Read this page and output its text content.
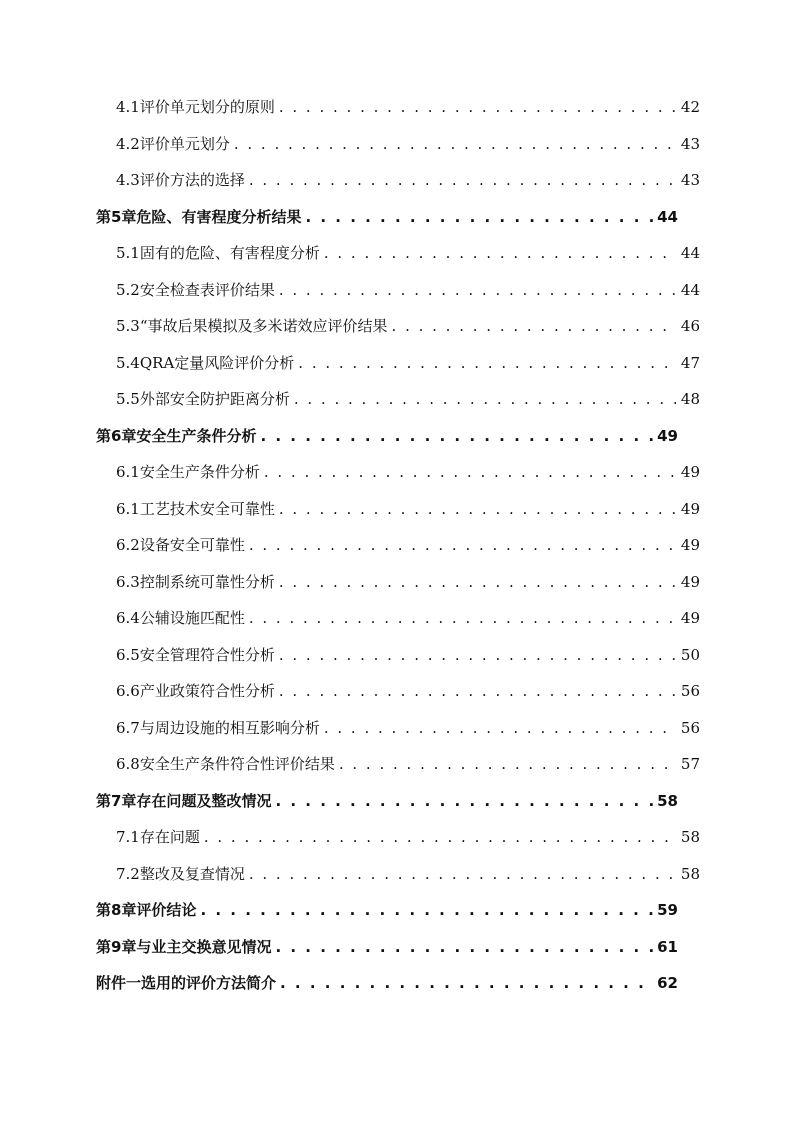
4.1评价单元划分的原则 . . .	42
4.2评价单元划分 . . .	43
4.3评价方法的选择 . . .	43
第5章危险、有害程度分析结果 . . .	44
5.1固有的危险、有害程度分析 . . .	44
5.2安全检查表评价结果 . . .	44
5.3“事故后果模拟及多米诺效应评价结果 . . .	46
5.4QRA定量风险评价分析 . . .	47
5.5外部安全防护距离分析 . . .	48
第6章安全生产条件分析 . . .	49
6.1安全生产条件分析 . . .	49
6.1工艺技术安全可靠性 . . .	49
6.2设备安全可靠性 . . .	49
6.3控制系统可靠性分析 . . .	49
6.4公辅设施匹配性 . . .	49
6.5安全管理符合性分析 . . .	50
6.6产业政策符合性分析 . . .	56
6.7与周边设施的相互影响分析 . . .	56
6.8安全生产条件符合性评价结果 . . .	57
第7章存在问题及整改情况 . . .	58
7.1存在问题 . . .	58
7.2整改及复查情况 . . .	58
第8章评价结论 . . .	59
第9章与业主交换意见情况 . . .	61
附件一选用的评价方法简介 . . .	62
